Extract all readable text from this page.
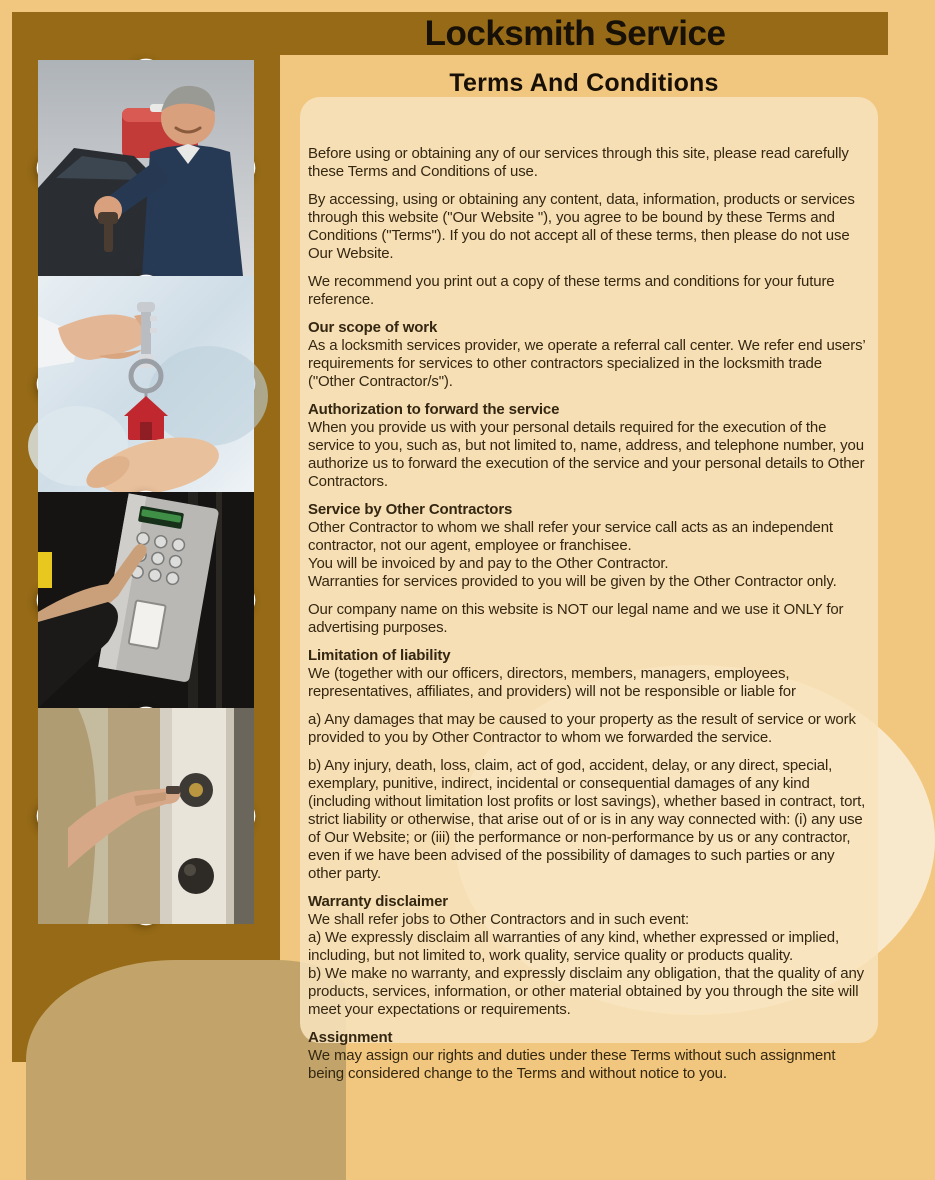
Locksmith Service
Terms And Conditions
Before using or obtaining any of our services through this site, please read carefully these Terms and Conditions of use.
By accessing, using or obtaining any content, data, information, products or services through this website ("Our Website "), you agree to be bound by these Terms and Conditions ("Terms"). If you do not accept all of these terms, then please do not use Our Website.
We recommend you print out a copy of these terms and conditions for your future reference.
Our scope of work
As a locksmith services provider, we operate a referral call center. We refer end users’ requirements for services to other contractors specialized in the locksmith trade ("Other Contractor/s").
Authorization to forward the service
When you provide us with your personal details required for the execution of the service to you, such as, but not limited to, name, address, and telephone number, you authorize us to forward the execution of the service and your personal details to Other Contractors.
Service by Other Contractors
Other Contractor to whom we shall refer your service call acts as an independent contractor, not our agent, employee or franchisee.
You will be invoiced by and pay to the Other Contractor.
Warranties for services provided to you will be given by the Other Contractor only.
Our company name on this website is NOT our legal name and we use it ONLY for advertising purposes.
Limitation of liability
We (together with our officers, directors, members, managers, employees, representatives, affiliates, and providers) will not be responsible or liable for
a) Any damages that may be caused to your property as the result of service or work provided to you by Other Contractor to whom we forwarded the service.
b) Any injury, death, loss, claim, act of god, accident, delay, or any direct, special, exemplary, punitive, indirect, incidental or consequential damages of any kind (including without limitation lost profits or lost savings), whether based in contract, tort, strict liability or otherwise, that arise out of or is in any way connected with: (i) any use of Our Website; or (iii) the performance or non-performance by us or any contractor, even if we have been advised of the possibility of damages to such parties or any other party.
Warranty disclaimer
We shall refer jobs to Other Contractors and in such event:
a) We expressly disclaim all warranties of any kind, whether expressed or implied, including, but not limited to, work quality, service quality or products quality.
b) We make no warranty, and expressly disclaim any obligation, that the quality of any products, services, information, or other material obtained by you through the site will meet your expectations or requirements.
Assignment
We may assign our rights and duties under these Terms without such assignment being considered change to the Terms and without notice to you.
